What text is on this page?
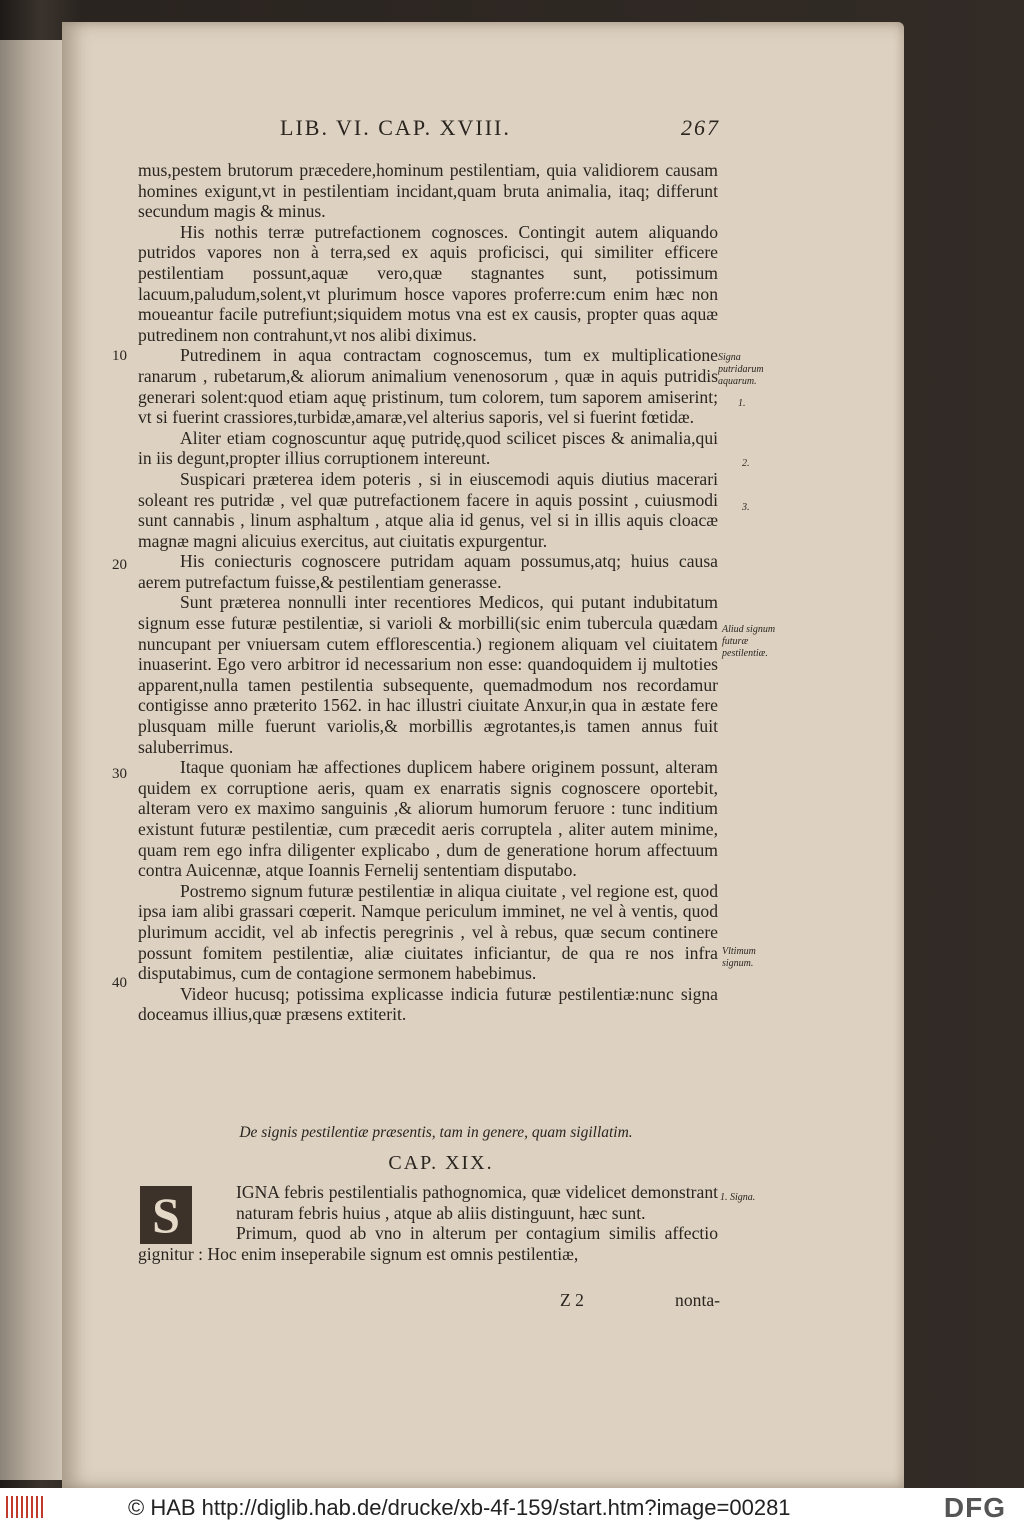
LIB. VI. CAP. XVIII.	267
10
20
30
40
Signa putridarum aquarum.
1.
2.
3.
Aliud signum futuræ pestilentiæ.
Vltimum signum.
1. Signa.

mus,pestem brutorum præcedere,hominum pestilentiam, quia validiorem causam homines exigunt,vt in pestilentiam incidant,quam bruta animalia, itaq; differunt secundum magis & minus.

His nothis terræ putrefactionem cognosces. Contingit autem aliquando putridos vapores non à terra,sed ex aquis proficisci, qui similiter efficere pestilentiam possunt,aquæ vero,quæ stagnantes sunt, potissimum lacuum,paludum,solent,vt plurimum hosce vapores proferre:cum enim hæc non moueantur facile putrefiunt;siquidem motus vna est ex causis, propter quas aquæ putredinem non contrahunt,vt nos alibi diximus.

Putredinem in aqua contractam cognoscemus, tum ex multiplicatione ranarum , rubetarum,& aliorum animalium venenosorum , quæ in aquis putridis generari solent:quod etiam aquę pristinum, tum colorem, tum saporem amiserint; vt si fuerint crassiores,turbidæ,amaræ,vel alterius saporis, vel si fuerint fœtidæ.

Aliter etiam cognoscuntur aquę putridę,quod scilicet pisces & animalia,qui in iis degunt,propter illius corruptionem intereunt.

Suspicari præterea idem poteris , si in eiuscemodi aquis diutius macerari soleant res putridæ , vel quæ putrefactionem facere in aquis possint , cuiusmodi sunt cannabis , linum asphaltum , atque alia id genus, vel si in illis aquis cloacæ magnæ magni alicuius exercitus, aut ciuitatis expurgentur.

His coniecturis cognoscere putridam aquam possumus,atq; huius causa aerem putrefactum fuisse,& pestilentiam generasse.

Sunt præterea nonnulli inter recentiores Medicos, qui putant indubitatum signum esse futuræ pestilentiæ, si varioli & morbilli(sic enim tubercula quædam nuncupant per vniuersam cutem efflorescentia.) regionem aliquam vel ciuitatem inuaserint. Ego vero arbitror id necessarium non esse: quandoquidem ij multoties apparent,nulla tamen pestilentia subsequente, quemadmodum nos recordamur contigisse anno præterito 1562. in hac illustri ciuitate Anxur,in qua in æstate fere plusquam mille fuerunt variolis,& morbillis ægrotantes,is tamen annus fuit saluberrimus.

Itaque quoniam hæ affectiones duplicem habere originem possunt, alteram quidem ex corruptione aeris, quam ex enarratis signis cognoscere oportebit, alteram vero ex maximo sanguinis ,& aliorum humorum feruore : tunc inditium existunt futuræ pestilentiæ, cum præcedit aeris corruptela , aliter autem minime, quam rem ego infra diligenter explicabo , dum de generatione horum affectuum contra Auicennæ, atque Ioannis Fernelij sententiam disputabo.

Postremo signum futuræ pestilentiæ in aliqua ciuitate , vel regione est, quod ipsa iam alibi grassari cœperit. Namque periculum imminet, ne vel à ventis, quod plurimum accidit, vel ab infectis peregrinis , vel à rebus, quæ secum continere possunt fomitem pestilentiæ, aliæ ciuitates inficiantur, de qua re nos infra disputabimus, cum de contagione sermonem habebimus.

Videor hucusq; potissima explicasse indicia futuræ pestilentiæ:nunc signa doceamus illius,quæ præsens extiterit.

De signis pestilentiæ præsentis, tam in genere, quam sigillatim.
CAP. XIX.
S	IGNA febris pestilentialis pathognomica, quæ videlicet demonstrant naturam febris huius , atque ab aliis distinguunt, hæc sunt.

Primum, quod ab vno in alterum per contagium similis affectio gignitur : Hoc enim inseperabile signum est omnis pestilentiæ,

Z 2	nonta-
© HAB http://diglib.hab.de/drucke/xb-4f-159/start.htm?image=00281	DFG
